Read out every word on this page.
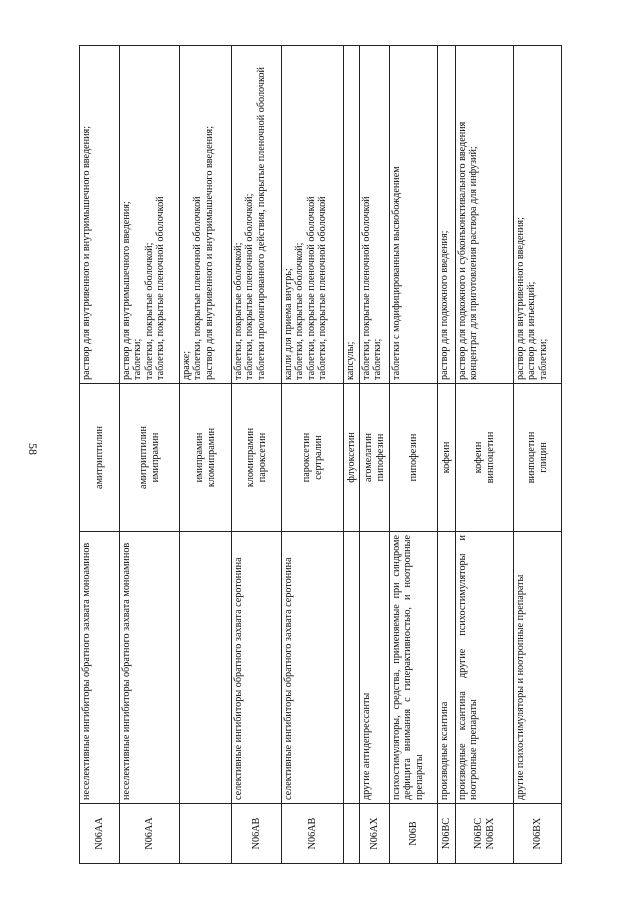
58
N06AA	неселективные ингибиторы обратного захвата моноаминов	амитриптилин	раствор для внутривенного и внутримышечного введения;

N06AA	неселективные ингибиторы обратного захвата моноаминов	амитриптилин имипрамин	раствор для внутримышечного введения; таблетки; таблетки, покрытые оболочкой; таблетки, покрытые пленочной оболочкой

		имипрамин кломипрамин	драже; таблетки, покрытые пленочной оболочкой раствор для внутривенного и внутримышечного введения;

N06AB	селективные ингибиторы обратного захвата серотонина	кломипрамин пароксетин	таблетки, покрытые оболочкой; таблетки, покрытые пленочной оболочкой; таблетки пролонгированного действия, покрытые пленочной оболочкой

N06AB	селективные ингибиторы обратного захвата серотонина	пароксетин сертралин	капли для приема внутрь; таблетки, покрытые оболочкой; таблетки, покрытые пленочной оболочкой таблетки, покрытые пленочной оболочкой

		флуоксетин	капсулы;

N06AX	другие антидепрессанты	агомелатин пипофезин	таблетки, покрытые пленочной оболочкой таблетки;

N06B	психостимуляторы, средства, применяемые при синдроме дефицита внимания с гиперактивностью, и ноотропные препараты	пипофезин	таблетки с модифицированным высвобождением

N06BC	производные ксантина	кофеин	раствор для подкожного введения;

N06BC N06BX	производные ксантина другие психостимуляторы и ноотропные препараты	кофеин винпоцетин	раствор для подкожного и субконъюнктивального введения концентрат для приготовления раствора для инфузий;

N06BX	другие психостимуляторы и ноотропные препараты	винпоцетин глицин	раствор для внутривенного введения; раствор для инъекций; таблетки;
